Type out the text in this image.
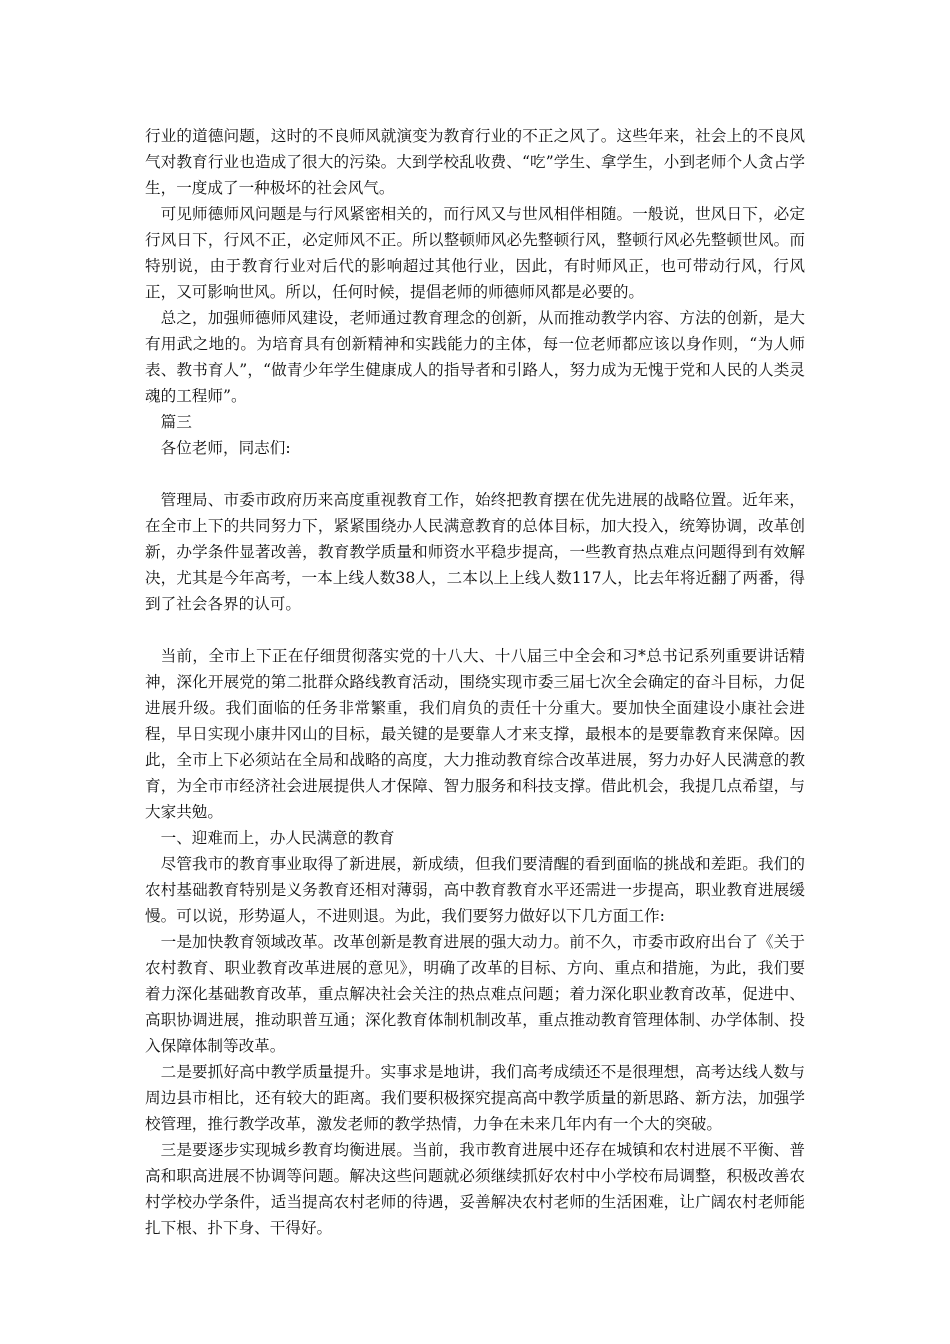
行业的道德问题，这时的不良师风就演变为教育行业的不正之风了。这些年来，社会上的不良风气对教育行业也造成了很大的污染。大到学校乱收费、“吃”学生、拿学生，小到老师个人贪占学生，一度成了一种极坏的社会风气。

可见师德师风问题是与行风紧密相关的，而行风又与世风相伴相随。一般说，世风日下，必定行风日下，行风不正，必定师风不正。所以整顿师风必先整顿行风，整顿行风必先整顿世风。而特别说，由于教育行业对后代的影响超过其他行业，因此，有时师风正，也可带动行风，行风正，又可影响世风。所以，任何时候，提倡老师的师德师风都是必要的。

总之，加强师德师风建设，老师通过教育理念的创新，从而推动教学内容、方法的创新，是大有用武之地的。为培育具有创新精神和实践能力的主体，每一位老师都应该以身作则，“为人师表、教书育人”，“做青少年学生健康成人的指导者和引路人，努力成为无愧于党和人民的人类灵魂的工程师”。

篇三

各位老师，同志们:

管理局、市委市政府历来高度重视教育工作，始终把教育摆在优先进展的战略位置。近年来，在全市上下的共同努力下，紧紧围绕办人民满意教育的总体目标，加大投入，统筹协调，改革创新，办学条件显著改善，教育教学质量和师资水平稳步提高，一些教育热点难点问题得到有效解决，尤其是今年高考，一本上线人数38人，二本以上上线人数117人，比去年将近翻了两番，得到了社会各界的认可。

当前，全市上下正在仔细贯彻落实党的十八大、十八届三中全会和习*总书记系列重要讲话精神，深化开展党的第二批群众路线教育活动，围绕实现市委三届七次全会确定的奋斗目标，力促进展升级。我们面临的任务非常繁重，我们肩负的责任十分重大。要加快全面建设小康社会进程，早日实现小康井冈山的目标，最关键的是要靠人才来支撑，最根本的是要靠教育来保障。因此，全市上下必须站在全局和战略的高度，大力推动教育综合改革进展，努力办好人民满意的教育，为全市市经济社会进展提供人才保障、智力服务和科技支撑。借此机会，我提几点希望，与大家共勉。

一、迎难而上，办人民满意的教育

尽管我市的教育事业取得了新进展，新成绩，但我们要清醒的看到面临的挑战和差距。我们的农村基础教育特别是义务教育还相对薄弱，高中教育教育水平还需进一步提高，职业教育进展缓慢。可以说，形势逼人，不进则退。为此，我们要努力做好以下几方面工作:

一是加快教育领域改革。改革创新是教育进展的强大动力。前不久，市委市政府出台了《关于农村教育、职业教育改革进展的意见》，明确了改革的目标、方向、重点和措施，为此，我们要着力深化基础教育改革，重点解决社会关注的热点难点问题；着力深化职业教育改革，促进中、高职协调进展，推动职普互通；深化教育体制机制改革，重点推动教育管理体制、办学体制、投入保障体制等改革。

二是要抓好高中教学质量提升。实事求是地讲，我们高考成绩还不是很理想，高考达线人数与周边县市相比，还有较大的距离。我们要积极探究提高高中教学质量的新思路、新方法，加强学校管理，推行教学改革，激发老师的教学热情，力争在未来几年内有一个大的突破。

三是要逐步实现城乡教育均衡进展。当前，我市教育进展中还存在城镇和农村进展不平衡、普高和职高进展不协调等问题。解决这些问题就必须继续抓好农村中小学校布局调整，积极改善农村学校办学条件，适当提高农村老师的待遇，妥善解决农村老师的生活困难，让广阔农村老师能扎下根、扑下身、干得好。
